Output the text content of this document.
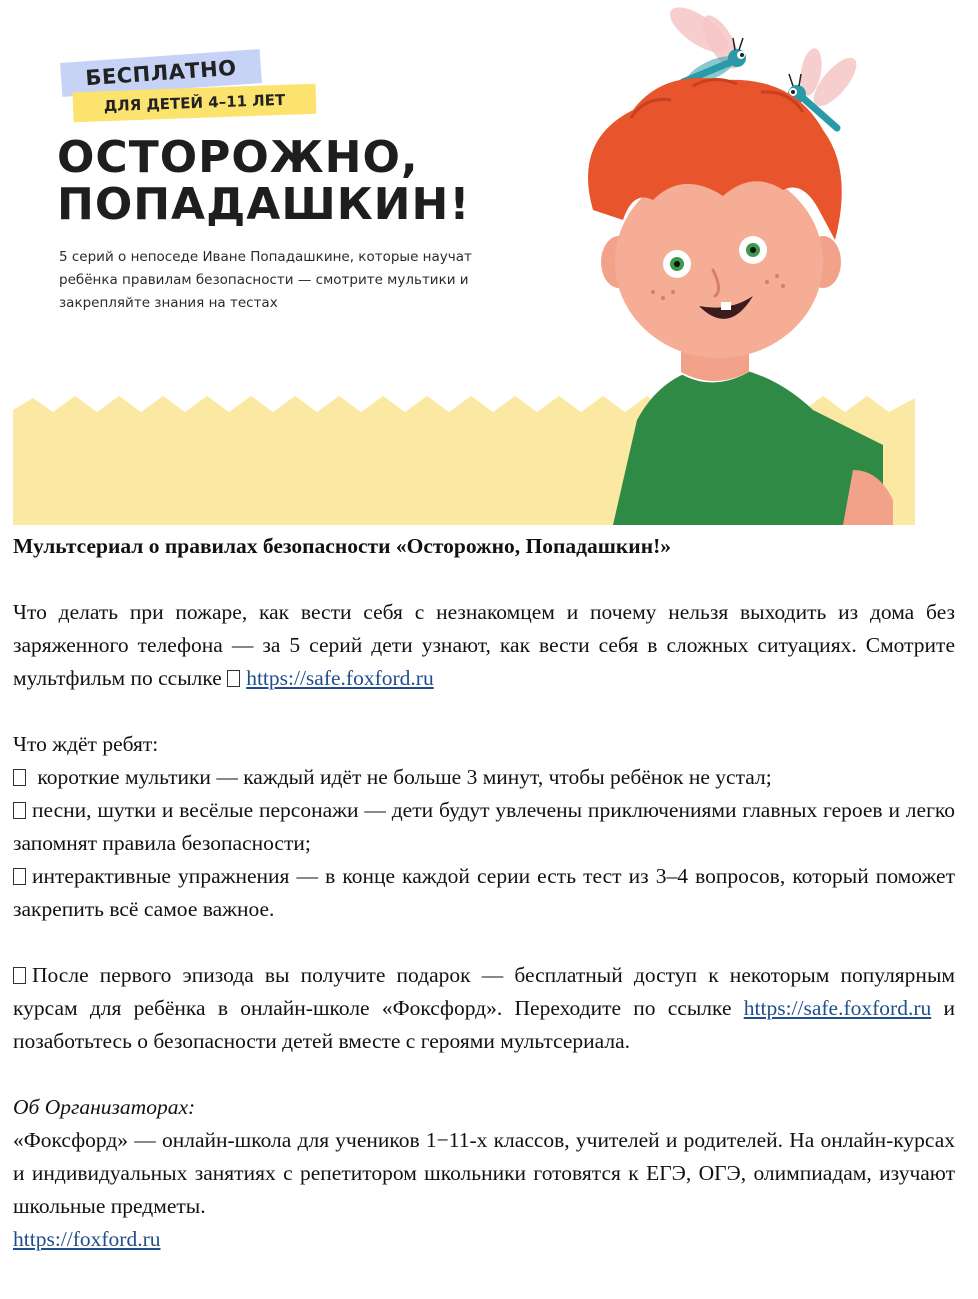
БЕСПЛАТНО
ДЛЯ ДЕТЕЙ 4–11 ЛЕТ
ОСТОРОЖНО,
ПОПАДАШКИН!

5 серий о непоседе Иване Попадашкине, которые научат ребёнка правилам безопасности — смотрите мультики и закрепляйте знания на тестах

Мультсериал о правилах безопасности «Осторожно, Попадашкин!»

Что делать при пожаре, как вести себя с незнакомцем и почему нельзя выходить из дома без заряженного телефона — за 5 серий дети узнают, как вести себя в сложных ситуациях. Смотрите мультфильм по ссылке https://safe.foxford.ru

Что ждёт ребят:

короткие мультики — каждый идёт не больше 3 минут, чтобы ребёнок не устал;

песни, шутки и весёлые персонажи — дети будут увлечены приключениями главных героев и легко запомнят правила безопасности;

интерактивные упражнения — в конце каждой серии есть тест из 3–4 вопросов, который поможет закрепить всё самое важное.

После первого эпизода вы получите подарок — бесплатный доступ к некоторым популярным курсам для ребёнка в онлайн-школе «Фоксфорд». Переходите по ссылке https://safe.foxford.ru и позаботьтесь о безопасности детей вместе с героями мультсериала.

Об Организаторах:

«Фоксфорд» — онлайн-школа для учеников 1−11-х классов, учителей и родителей. На онлайн-курсах и индивидуальных занятиях с репетитором школьники готовятся к ЕГЭ, ОГЭ, олимпиадам, изучают школьные предметы.

https://foxford.ru
